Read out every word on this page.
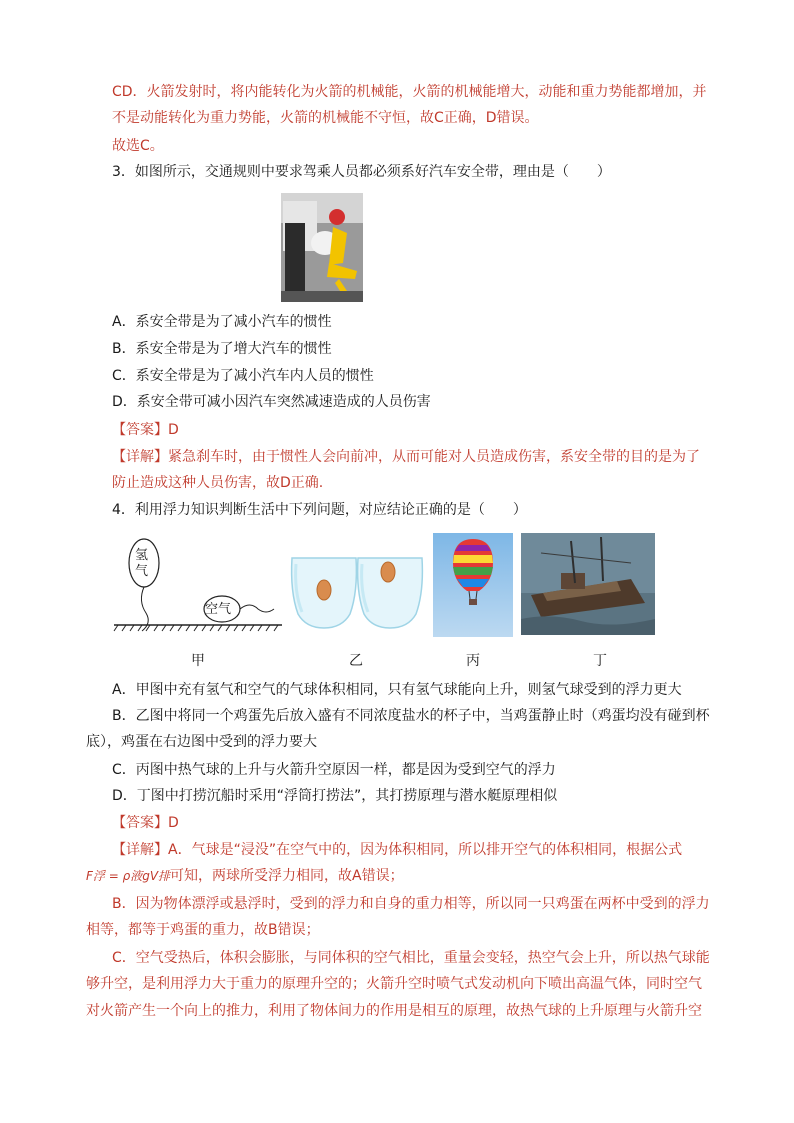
CD．火箭发射时，将内能转化为火箭的机械能，火箭的机械能增大，动能和重力势能都增加，并
不是动能转化为重力势能，火箭的机械能不守恒，故C正确，D错误。
故选C。
3．如图所示，交通规则中要求驾乘人员都必须系好汽车安全带，理由是（　　）
A．系安全带是为了减小汽车的惯性
B．系安全带是为了增大汽车的惯性
C．系安全带是为了减小汽车内人员的惯性
D．系安全带可减小因汽车突然减速造成的人员伤害
【答案】D
【详解】紧急刹车时，由于惯性人会向前冲，从而可能对人员造成伤害，系安全带的目的是为了
防止造成这种人员伤害，故D正确.
4．利用浮力知识判断生活中下列问题，对应结论正确的是（　　）
氢气
空气
甲	乙	丙	丁
A．甲图中充有氢气和空气的气球体积相同，只有氢气球能向上升，则氢气球受到的浮力更大
B．乙图中将同一个鸡蛋先后放入盛有不同浓度盐水的杯子中，当鸡蛋静止时（鸡蛋均没有碰到杯
底），鸡蛋在右边图中受到的浮力要大
C．丙图中热气球的上升与火箭升空原因一样，都是因为受到空气的浮力
D．丁图中打捞沉船时采用“浮筒打捞法”，其打捞原理与潜水艇原理相似
【答案】D
【详解】A．气球是“浸没”在空气中的，因为体积相同，所以排开空气的体积相同，根据公式
F浮 = ρ液gV排可知，两球所受浮力相同，故A错误；
B．因为物体漂浮或悬浮时，受到的浮力和自身的重力相等，所以同一只鸡蛋在两杯中受到的浮力
相等，都等于鸡蛋的重力，故B错误；
C．空气受热后，体积会膨胀，与同体积的空气相比，重量会变轻，热空气会上升，所以热气球能
够升空，是利用浮力大于重力的原理升空的；火箭升空时喷气式发动机向下喷出高温气体，同时空气
对火箭产生一个向上的推力，利用了物体间力的作用是相互的原理，故热气球的上升原理与火箭升空
